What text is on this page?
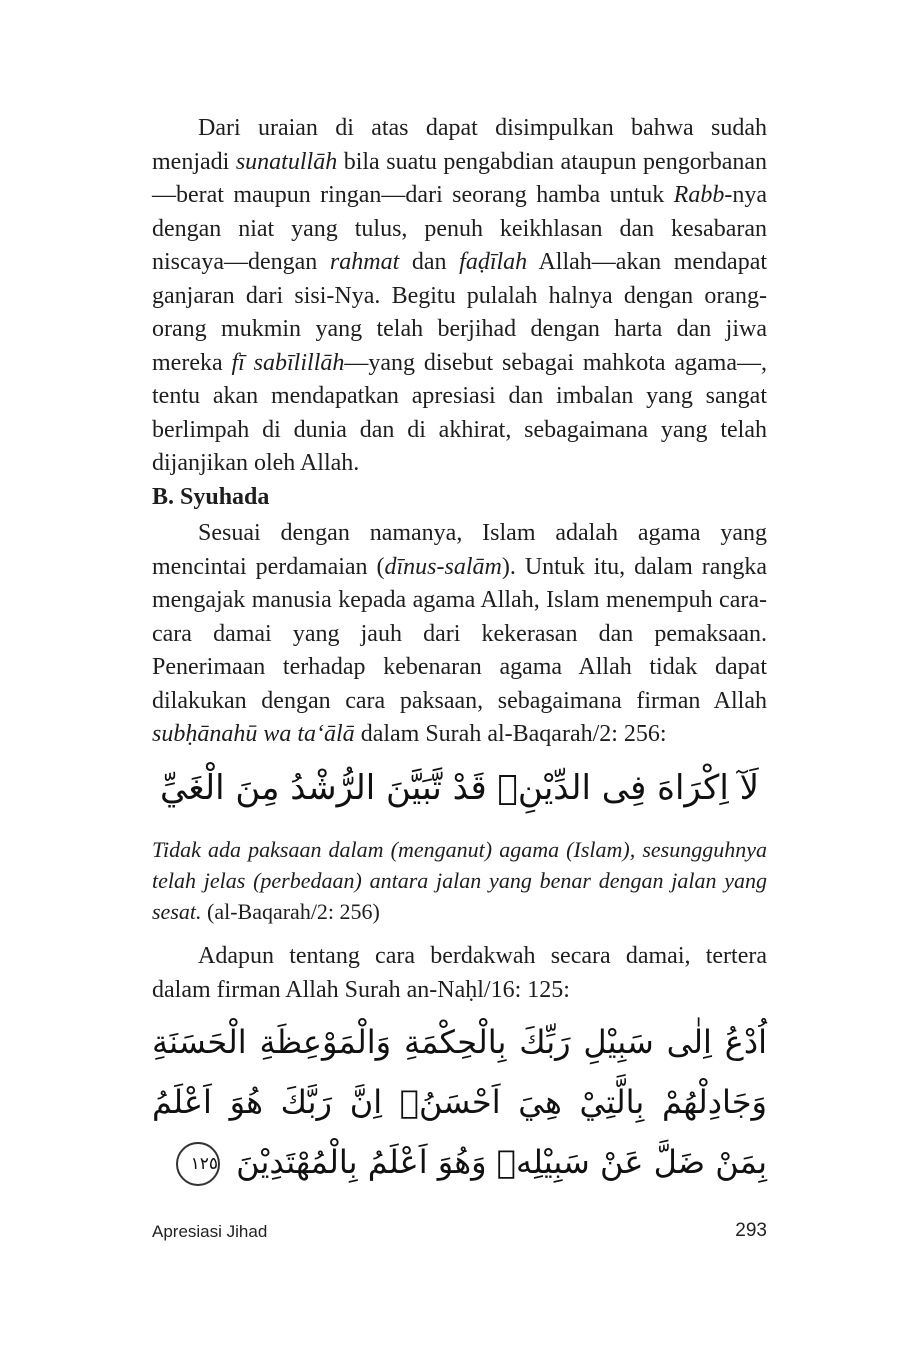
Dari uraian di atas dapat disimpulkan bahwa sudah menjadi sunatullāh bila suatu pengabdian ataupun pengorbanan—berat maupun ringan—dari seorang hamba untuk Rabb-nya dengan niat yang tulus, penuh keikhlasan dan kesabaran niscaya—dengan rahmat dan faḍīlah Allah—akan mendapat ganjaran dari sisi-Nya. Begitu pulalah halnya dengan orang-orang mukmin yang telah berjihad dengan harta dan jiwa mereka fī sabīlillāh—yang disebut sebagai mahkota agama—, tentu akan mendapatkan apresiasi dan imbalan yang sangat berlimpah di dunia dan di akhirat, sebagaimana yang telah dijanjikan oleh Allah.

B. Syuhada

Sesuai dengan namanya, Islam adalah agama yang mencintai perdamaian (dīnus-salām). Untuk itu, dalam rangka mengajak manusia kepada agama Allah, Islam menempuh cara-cara damai yang jauh dari kekerasan dan pemaksaan. Penerimaan terhadap kebenaran agama Allah tidak dapat dilakukan dengan cara paksaan, sebagaimana firman Allah subḥānahū wa ta‘ālā dalam Surah al-Baqarah/2: 256:

لَآ اِكْرَاهَ فِى الدِّيْنِۗ قَدْ تَّبَيَّنَ الرُّشْدُ مِنَ الْغَيِّ

Tidak ada paksaan dalam (menganut) agama (Islam), sesungguhnya telah jelas (perbedaan) antara jalan yang benar dengan jalan yang sesat. (al-Baqarah/2: 256)

Adapun tentang cara berdakwah secara damai, tertera dalam firman Allah Surah an-Naḥl/16: 125:

اُدْعُ اِلٰى سَبِيْلِ رَبِّكَ بِالْحِكْمَةِ وَالْمَوْعِظَةِ الْحَسَنَةِ وَجَادِلْهُمْ بِالَّتِيْ هِيَ اَحْسَنُۗ اِنَّ رَبَّكَ هُوَ اَعْلَمُ بِمَنْ ضَلَّ عَنْ سَبِيْلِهٖ وَهُوَ اَعْلَمُ بِالْمُهْتَدِيْنَ ١٢٥
Apresiasi Jihad	293
